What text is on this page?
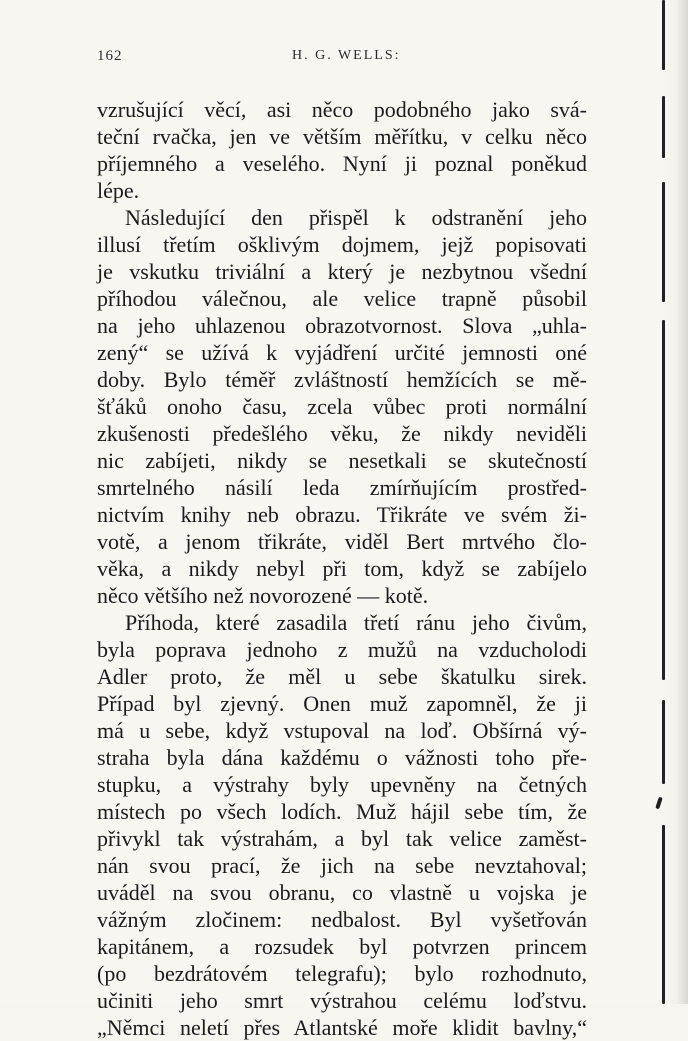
162	H. G. WELLS:
vzrušující věcí, asi něco podobného jako svá-
teční rvačka, jen ve větším měřítku, v celku něco
příjemného a veselého. Nyní ji poznal poněkud
lépe.
Následující den přispěl k odstranění jeho
illusí třetím ošklivým dojmem, jejž popisovati
je vskutku triviální a který je nezbytnou všední
příhodou válečnou, ale velice trapně působil
na jeho uhlazenou obrazotvornost. Slova „uhla-
zený“ se užívá k vyjádření určité jemnosti oné
doby. Bylo téměř zvláštností hemžících se mě-
šťáků onoho času, zcela vůbec proti normální
zkušenosti předešlého věku, že nikdy neviděli
nic zabíjeti, nikdy se nesetkali se skutečností
smrtelného násilí leda zmírňujícím prostřed-
nictvím knihy neb obrazu. Třikráte ve svém ži-
votě, a jenom třikráte, viděl Bert mrtvého člo-
věka, a nikdy nebyl při tom, když se zabíjelo
něco většího než novorozené — kotě.
Příhoda, které zasadila třetí ránu jeho čivům,
byla poprava jednoho z mužů na vzducholodi
Adler proto, že měl u sebe škatulku sirek.
Případ byl zjevný. Onen muž zapomněl, že ji
má u sebe, když vstupoval na loď. Obšírná vý-
straha byla dána každému o vážnosti toho pře-
stupku, a výstrahy byly upevněny na četných
místech po všech lodích. Muž hájil sebe tím, že
přivykl tak výstrahám, a byl tak velice zaměst-
nán svou prací, že jich na sebe nevztahoval;
uváděl na svou obranu, co vlastně u vojska je
vážným zločinem: nedbalost. Byl vyšetřován
kapitánem, a rozsudek byl potvrzen princem
(po bezdrátovém telegrafu); bylo rozhodnuto,
učiniti jeho smrt výstrahou celému loďstvu.
„Němci neletí přes Atlantské moře klidit bavlny,“
